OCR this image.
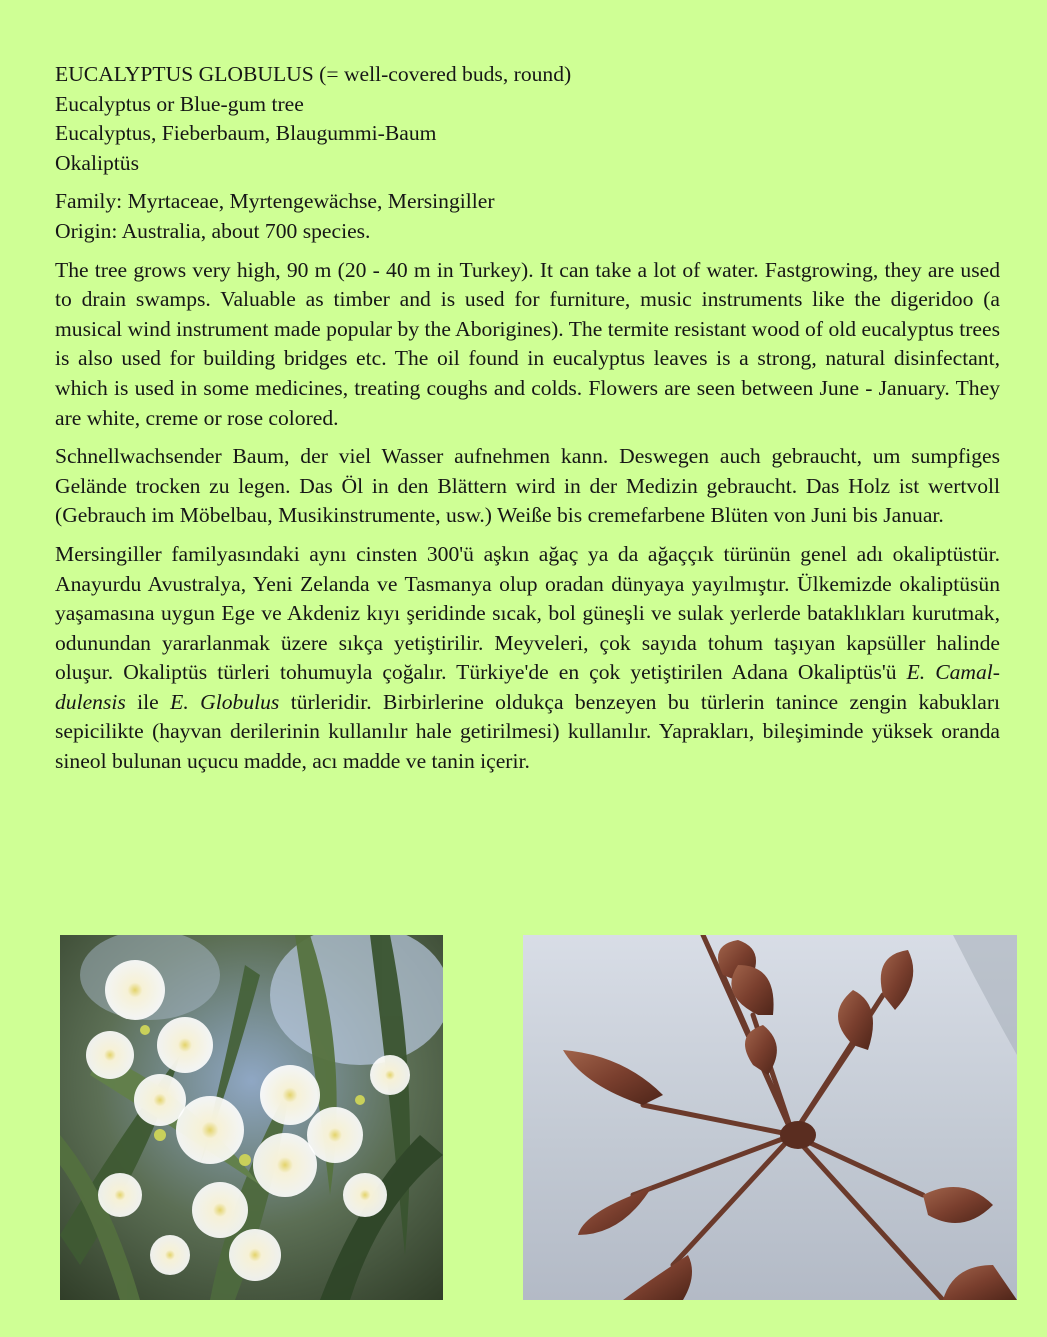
EUCALYPTUS GLOBULUS (= well-covered buds, round)
Eucalyptus or Blue-gum tree
Eucalyptus, Fieberbaum, Blaugummi-Baum
Okaliptüs
Family: Myrtaceae, Myrtengewächse, Mersingiller
Origin: Australia, about 700 species.

The tree grows very high, 90 m (20 - 40 m in Turkey). It can take a lot of water. Fastgrowing, they are used to drain swamps. Valuable as timber and is used for furniture, music instruments like the digeridoo (a musical wind instrument made popular by the Aborigines). The termite resistant wood of old eucalyptus trees is also used for building bridges etc. The oil found in eucalyptus leaves is a strong, natural disinfectant, which is used in some medicines, treating coughs and colds. Flowers are seen between June - January. They are white, creme or rose colored.

Schnellwachsender Baum, der viel Wasser aufnehmen kann. Deswegen auch gebraucht, um sumpfiges Gelände trocken zu legen. Das Öl in den Blättern wird in der Medizin gebraucht. Das Holz ist wertvoll (Gebrauch im Möbelbau, Musikinstrumente, usw.) Weiße bis cremefarbene Blüten von Juni bis Januar.

Mersingiller familyasındaki aynı cinsten 300'ü aşkın ağaç ya da ağaççık türünün genel adı okaliptüstür. Anayurdu Avustralya, Yeni Zelanda ve Tasmanya olup oradan dünyaya yayılmıştır. Ülkemizde okaliptüsün yaşamasına uygun Ege ve Akdeniz kıyı şeridinde sıcak, bol güneşli ve sulak yerlerde bataklıkları kurutmak, odunundan yararlanmak üzere sıkça yetiştirilir. Meyveleri, çok sayıda tohum taşıyan kapsüller halinde oluşur. Okaliptüs türleri tohumuyla çoğalır. Türkiye'de en çok yetiştirilen Adana Okaliptüs'ü E. Camal-dulensis ile E. Globulus türleridir. Birbirlerine oldukça benzeyen bu türlerin tanince zengin kabukları sepicilikte (hayvan derilerinin kullanılır hale getirilmesi) kullanılır. Yaprakları, bileşiminde yüksek oranda sineol bulunan uçucu madde, acı madde ve tanin içerir.
